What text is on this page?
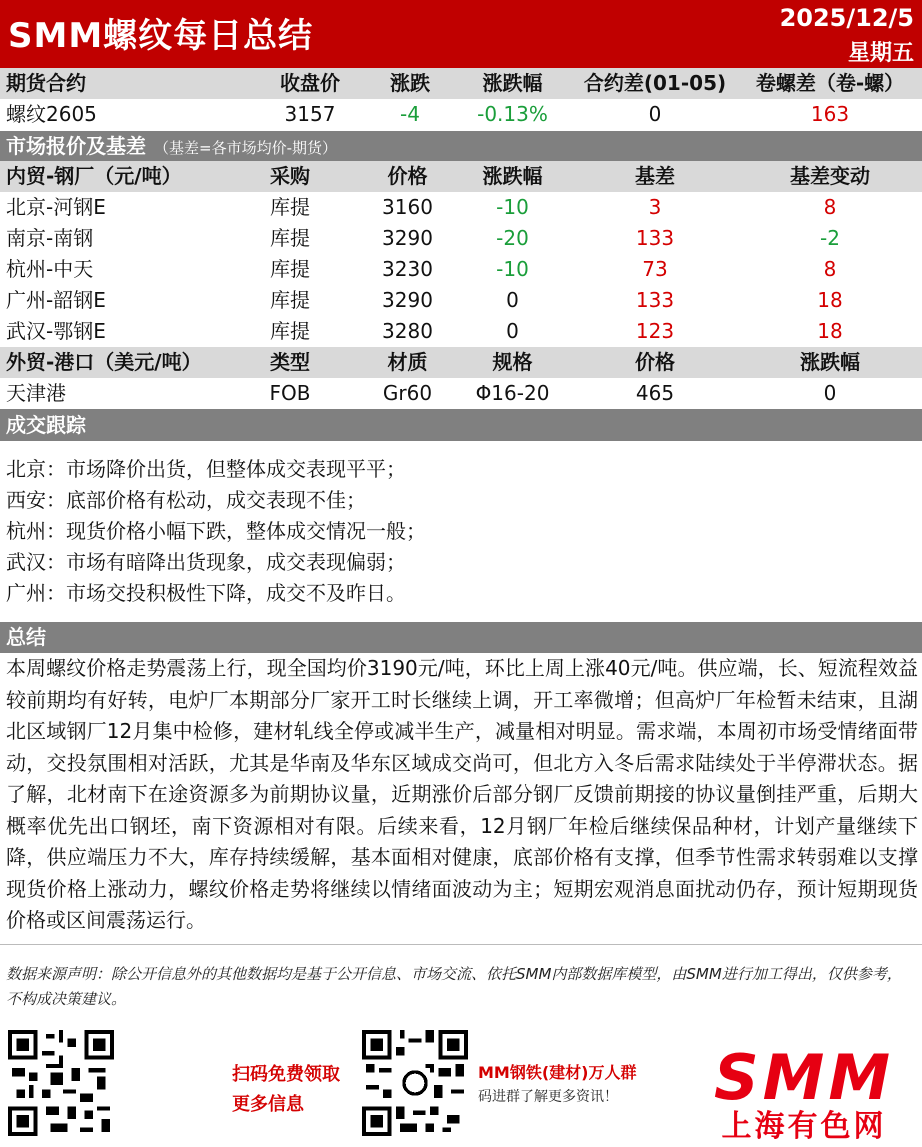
SMM螺纹每日总结	2025/12/5
星期五
期货合约	收盘价	涨跌	涨跌幅	合约差(01-05)	卷螺差（卷-螺）
螺纹2605	3157	-4	-0.13%	0	163
市场报价及基差 （基差=各市场均价-期货）
内贸-钢厂（元/吨）	采购	价格	涨跌幅	基差	基差变动
北京-河钢E	库提	3160	-10	3	8
南京-南钢	库提	3290	-20	133	-2
杭州-中天	库提	3230	-10	73	8
广州-韶钢E	库提	3290	0	133	18
武汉-鄂钢E	库提	3280	0	123	18
外贸-港口（美元/吨）	类型	材质	规格	价格	涨跌幅
天津港	FOB	Gr60	Φ16-20	465	0
成交跟踪
北京：市场降价出货，但整体成交表现平平；
西安：底部价格有松动，成交表现不佳；
杭州：现货价格小幅下跌，整体成交情况一般；
武汉：市场有暗降出货现象，成交表现偏弱；
广州：市场交投积极性下降，成交不及昨日。
总结
本周螺纹价格走势震荡上行，现全国均价3190元/吨，环比上周上涨40元/吨。供应端，长、短流程效益较前期均有好转，电炉厂本期部分厂家开工时长继续上调，开工率微增；但高炉厂年检暂未结束，且湖北区域钢厂12月集中检修，建材轧线全停或减半生产，减量相对明显。需求端，本周初市场受情绪面带动，交投氛围相对活跃，尤其是华南及华东区域成交尚可，但北方入冬后需求陆续处于半停滞状态。据了解，北材南下在途资源多为前期协议量，近期涨价后部分钢厂反馈前期接的协议量倒挂严重，后期大概率优先出口钢坯，南下资源相对有限。后续来看，12月钢厂年检后继续保品种材，计划产量继续下降，供应端压力不大，库存持续缓解，基本面相对健康，底部价格有支撑，但季节性需求转弱难以支撑现货价格上涨动力，螺纹价格走势将继续以情绪面波动为主；短期宏观消息面扰动仍存，预计短期现货价格或区间震荡运行。
数据来源声明：除公开信息外的其他数据均是基于公开信息、市场交流、依托SMM内部数据库模型，由SMM进行加工得出，仅供参考，不构成决策建议。
扫码免费领取
更多信息
MM钢铁(建材)万人群
码进群了解更多资讯！ SMM
上海有色网
